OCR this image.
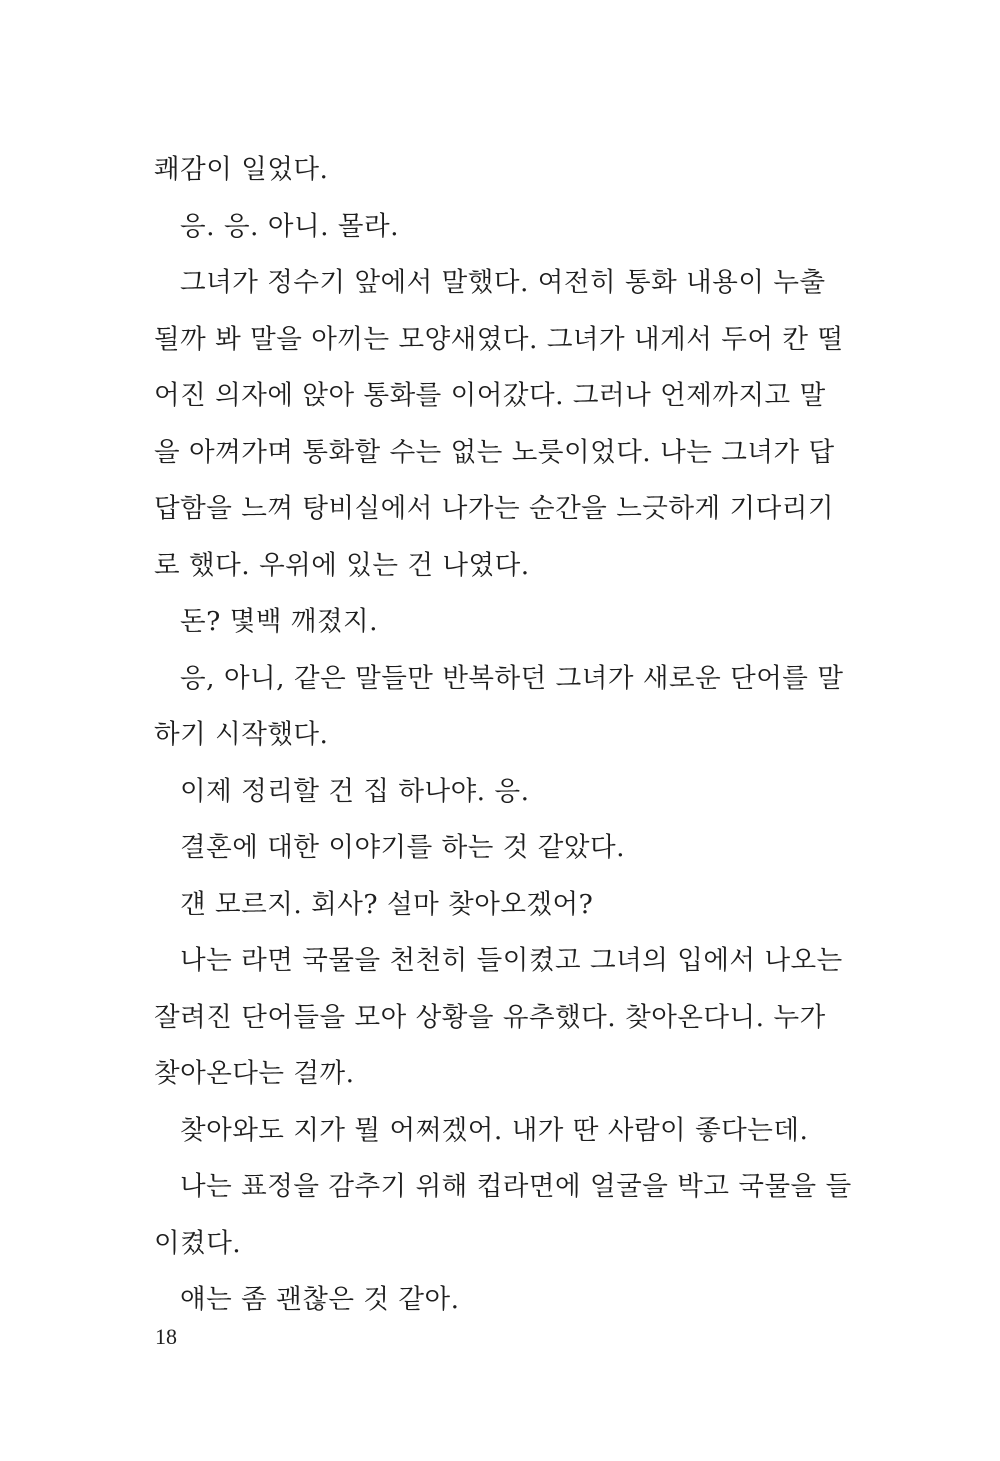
쾌감이 일었다.
응. 응. 아니. 몰라.
그녀가 정수기 앞에서 말했다. 여전히 통화 내용이 누출
될까 봐 말을 아끼는 모양새였다. 그녀가 내게서 두어 칸 떨
어진 의자에 앉아 통화를 이어갔다. 그러나 언제까지고 말
을 아껴가며 통화할 수는 없는 노릇이었다. 나는 그녀가 답
답함을 느껴 탕비실에서 나가는 순간을 느긋하게 기다리기
로 했다. 우위에 있는 건 나였다.
돈? 몇백 깨졌지.
응, 아니, 같은 말들만 반복하던 그녀가 새로운 단어를 말
하기 시작했다.
이제 정리할 건 집 하나야. 응.
결혼에 대한 이야기를 하는 것 같았다.
걘 모르지. 회사? 설마 찾아오겠어?
나는 라면 국물을 천천히 들이켰고 그녀의 입에서 나오는
잘려진 단어들을 모아 상황을 유추했다. 찾아온다니. 누가
찾아온다는 걸까.
찾아와도 지가 뭘 어쩌겠어. 내가 딴 사람이 좋다는데.
나는 표정을 감추기 위해 컵라면에 얼굴을 박고 국물을 들
이켰다.
얘는 좀 괜찮은 것 같아.
18
